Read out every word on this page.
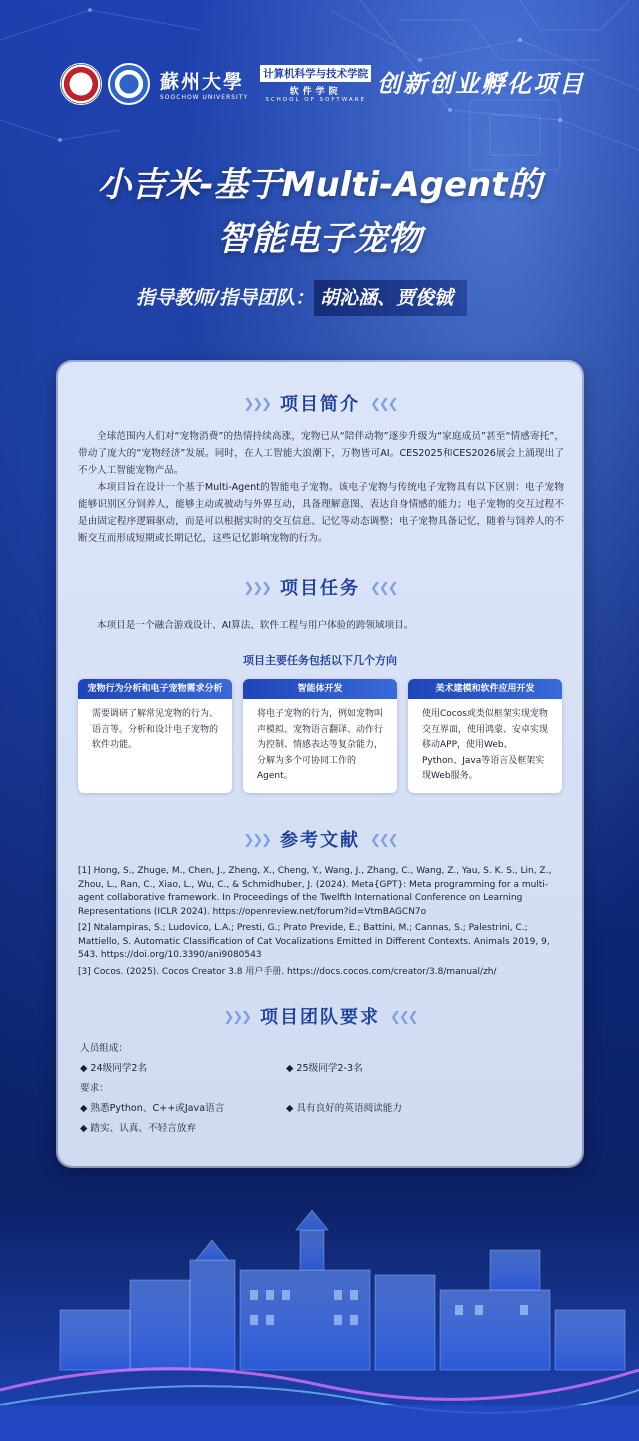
蘇州大學
SOOCHOW UNIVERSITY
计算机科学与技术学院
软件学院
SCHOOL OF SOFTWARE
创新创业孵化项目
小吉米-基于Multi-Agent的
智能电子宠物
指导教师/指导团队： 胡沁涵、贾俊铖
❯❯❯ 项目简介 ❮❮❮

全球范围内人们对“宠物消费”的热情持续高涨，宠物已从“陪伴动物”逐步升级为“家庭成员”甚至“情感寄托”，带动了庞大的“宠物经济”发展。同时，在人工智能大浪潮下，万物皆可AI。CES2025和CES2026展会上涌现出了不少人工智能宠物产品。

本项目旨在设计一个基于Multi-Agent的智能电子宠物。该电子宠物与传统电子宠物具有以下区别：电子宠物能够识别区分饲养人，能够主动或被动与外界互动，具备理解意图、表达自身情感的能力；电子宠物的交互过程不是由固定程序逻辑驱动，而是可以根据实时的交互信息、记忆等动态调整；电子宠物具备记忆，随着与饲养人的不断交互而形成短期或长期记忆，这些记忆影响宠物的行为。

❯❯❯ 项目任务 ❮❮❮

本项目是一个融合游戏设计、AI算法、软件工程与用户体验的跨领域项目。

项目主要任务包括以下几个方向
宠物行为分析和电子宠物需求分析
需要调研了解常见宠物的行为、语言等。分析和设计电子宠物的软件功能。
智能体开发
将电子宠物的行为，例如宠物叫声模拟、宠物语言翻译、动作行为控制、情感表达等复杂能力，分解为多个可协同工作的Agent。
美术建模和软件应用开发
使用Cocos或类似框架实现宠物交互界面，使用鸿蒙、安卓实现移动APP，使用Web、Python、Java等语言及框架实现Web服务。
❯❯❯ 参考文献 ❮❮❮
[1] Hong, S., Zhuge, M., Chen, J., Zheng, X., Cheng, Y., Wang, J., Zhang, C., Wang, Z., Yau, S. K. S., Lin, Z., Zhou, L., Ran, C., Xiao, L., Wu, C., & Schmidhuber, J. (2024). Meta{GPT}: Meta programming for a multi-agent collaborative framework. In Proceedings of the Twelfth International Conference on Learning Representations (ICLR 2024). https://openreview.net/forum?id=VtmBAGCN7o
[2] Ntalampiras, S.; Ludovico, L.A.; Presti, G.; Prato Previde, E.; Battini, M.; Cannas, S.; Palestrini, C.; Mattiello, S. Automatic Classification of Cat Vocalizations Emitted in Different Contexts. Animals 2019, 9, 543. https://doi.org/10.3390/ani9080543
[3] Cocos. (2025). Cocos Creator 3.8 用户手册. https://docs.cocos.com/creator/3.8/manual/zh/
❯❯❯ 项目团队要求 ❮❮❮
人员组成：
◆ 24级同学2名	◆ 25级同学2-3名
要求：
◆ 熟悉Python、C++或Java语言	◆ 具有良好的英语阅读能力
◆ 踏实、认真、不轻言放弃
